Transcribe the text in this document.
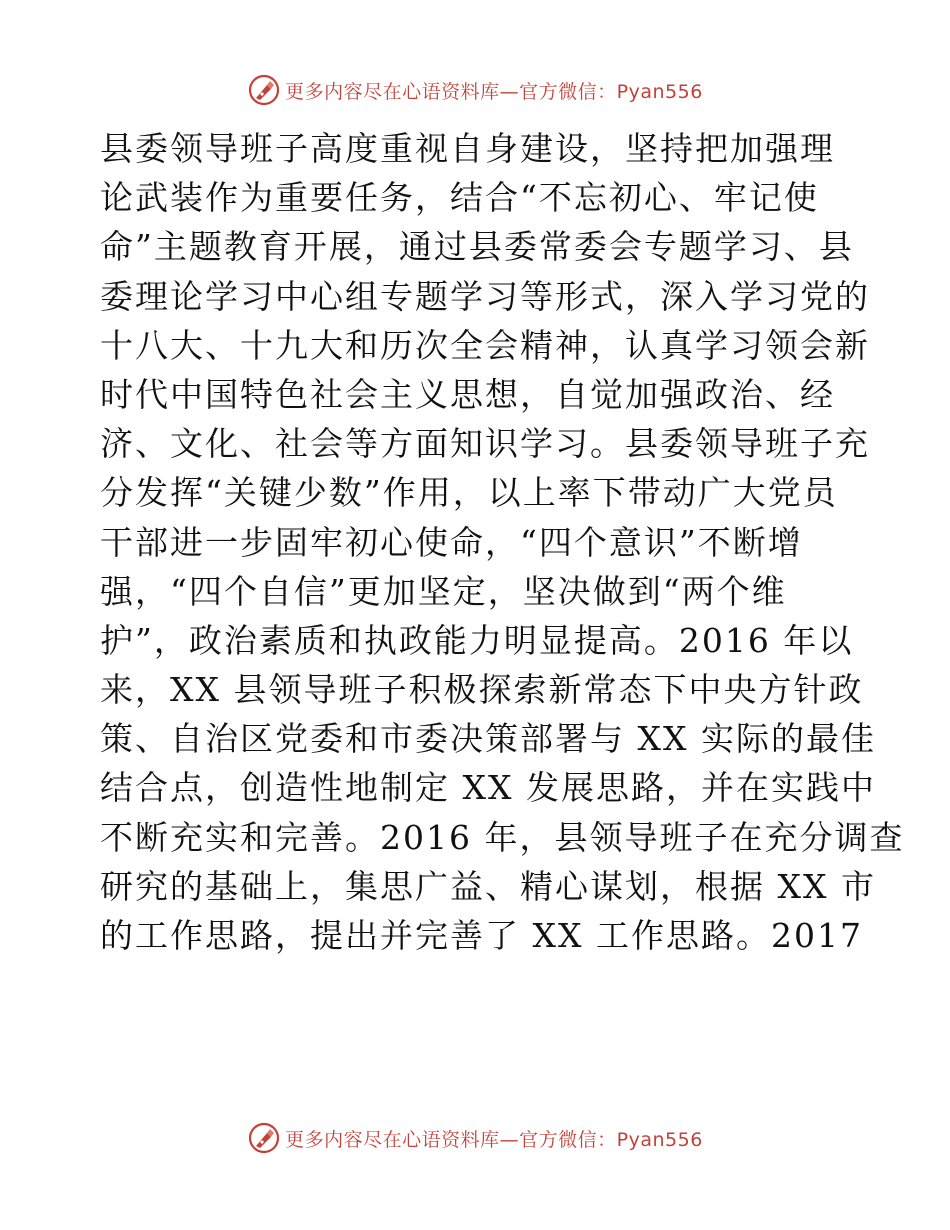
更多内容尽在心语资料库—官方微信：Pyan556
县委领导班子高度重视自身建设，坚持把加强理
论武装作为重要任务，结合“不忘初心、牢记使
命”主题教育开展，通过县委常委会专题学习、县
委理论学习中心组专题学习等形式，深入学习党的
十八大、十九大和历次全会精神，认真学习领会新
时代中国特色社会主义思想，自觉加强政治、经
济、文化、社会等方面知识学习。县委领导班子充
分发挥“关键少数”作用，以上率下带动广大党员
干部进一步固牢初心使命，“四个意识”不断增
强，“四个自信”更加坚定，坚决做到“两个维
护”，政治素质和执政能力明显提高。2016 年以
来，XX 县领导班子积极探索新常态下中央方针政
策、自治区党委和市委决策部署与 XX 实际的最佳
结合点，创造性地制定 XX 发展思路，并在实践中
不断充实和完善。2016 年，县领导班子在充分调查
研究的基础上，集思广益、精心谋划，根据 XX 市
的工作思路，提出并完善了 XX 工作思路。2017
更多内容尽在心语资料库—官方微信：Pyan556
